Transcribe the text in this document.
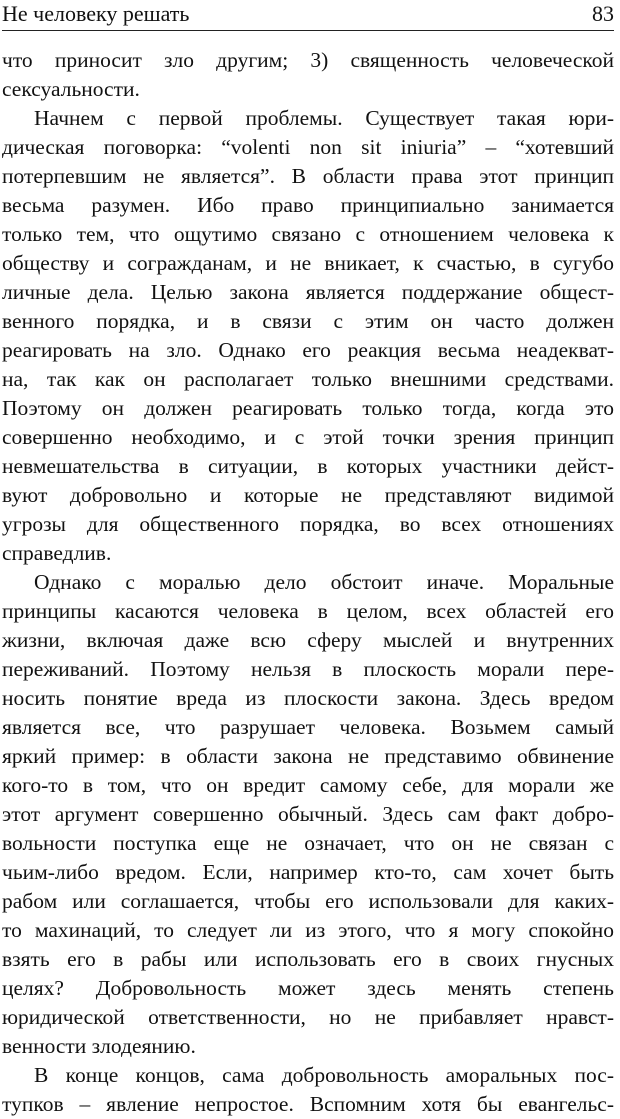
Не человеку решать	83
что приносит зло другим; 3) священность человеческой
сексуальности.
Начнем с первой проблемы. Существует такая юри-
дическая поговорка: “volenti non sit iniuria” – “хотевший
потерпевшим не является”. В области права этот принцип
весьма разумен. Ибо право принципиально занимается
только тем, что ощутимо связано с отношением человека к
обществу и согражданам, и не вникает, к счастью, в сугубо
личные дела. Целью закона является поддержание общест-
венного порядка, и в связи с этим он часто должен
реагировать на зло. Однако его реакция весьма неадекват-
на, так как он располагает только внешними средствами.
Поэтому он должен реагировать только тогда, когда это
совершенно необходимо, и с этой точки зрения принцип
невмешательства в ситуации, в которых участники дейст-
вуют добровольно и которые не представляют видимой
угрозы для общественного порядка, во всех отношениях
справедлив.
Однако с моралью дело обстоит иначе. Моральные
принципы касаются человека в целом, всех областей его
жизни, включая даже всю сферу мыслей и внутренних
переживаний. Поэтому нельзя в плоскость морали пере-
носить понятие вреда из плоскости закона. Здесь вредом
является все, что разрушает человека. Возьмем самый
яркий пример: в области закона не представимо обвинение
кого-то в том, что он вредит самому себе, для морали же
этот аргумент совершенно обычный. Здесь сам факт добро-
вольности поступка еще не означает, что он не связан с
чьим-либо вредом. Если, например кто-то, сам хочет быть
рабом или соглашается, чтобы его использовали для каких-
то махинаций, то следует ли из этого, что я могу спокойно
взять его в рабы или использовать его в своих гнусных
целях? Добровольность может здесь менять степень
юридической ответственности, но не прибавляет нравст-
венности злодеянию.
В конце концов, сама добровольность аморальных пос-
тупков – явление непростое. Вспомним хотя бы евангельс-
